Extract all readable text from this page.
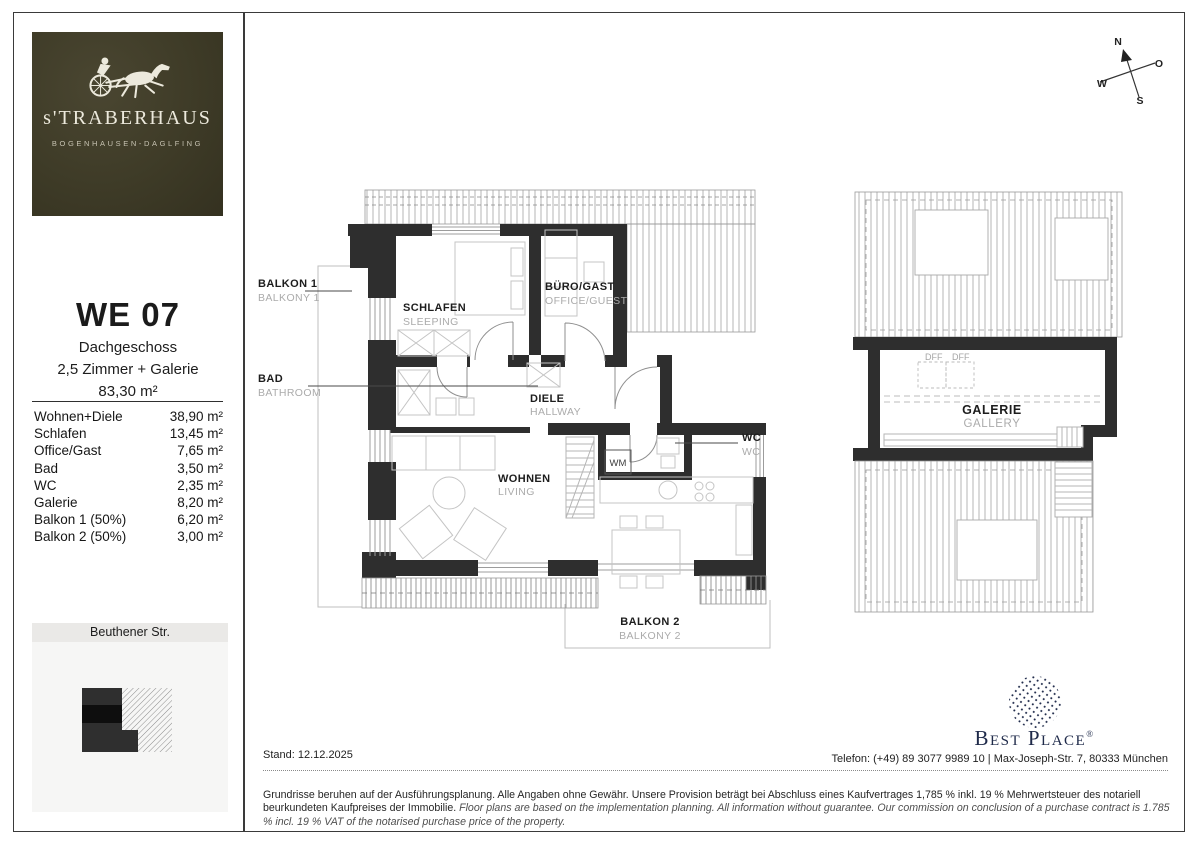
s'TRABERHAUS
BOGENHAUSEN-DAGLFING
WE 07
Dachgeschoss
2,5 Zimmer + Galerie
83,30 m²
Wohnen+Diele	38,90 m²
Schlafen	13,45 m²
Office/Gast	7,65 m²
Bad	3,50 m²
WC	2,35 m²
Galerie	8,20 m²
Balkon 1 (50%)	6,20 m²
Balkon 2 (50%)	3,00 m²
Beuthener Str.
WM
BALKON 1
BALKONY 1
BAD
BATHROOM
SCHLAFEN
SLEEPING
BÜRO/GAST
OFFICE/GUEST
DIELE
HALLWAY
WC
WC
WOHNEN
LIVING
BALKON 2
BALKONY 2
DFF DFF
GALERIE
GALLERY
N
O
W
S
Best Place®
Stand: 12.12.2025	Telefon: (+49) 89 3077 9989 10 | Max-Joseph-Str. 7, 80333 München

Grundrisse beruhen auf der Ausführungsplanung. Alle Angaben ohne Gewähr. Unsere Provision beträgt bei Abschluss eines Kaufvertrages 1,785 % inkl. 19 % Mehrwertsteuer des notariell beurkundeten Kaufpreises der Immobilie. Floor plans are based on the implementation planning. All information without guarantee. Our commission on conclusion of a purchase contract is 1.785 % incl. 19 % VAT of the notarised purchase price of the property.
